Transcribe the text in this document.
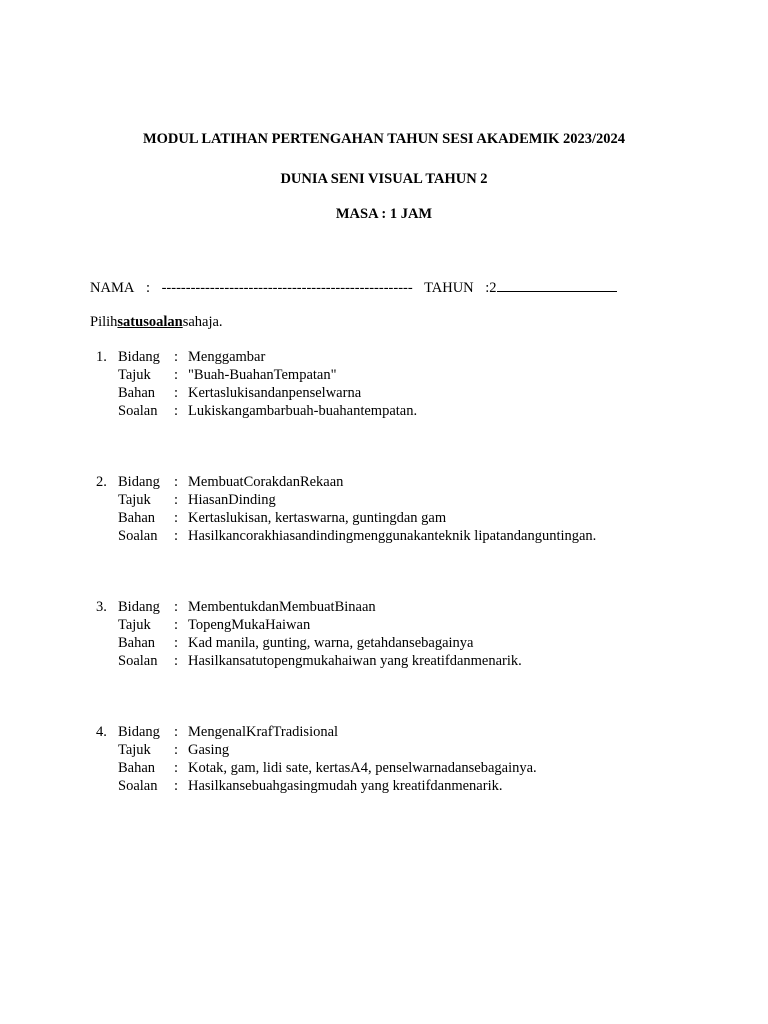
MODUL LATIHAN PERTENGAHAN TAHUN SESI AKADEMIK 2023/2024
DUNIA SENI VISUAL TAHUN 2
MASA : 1 JAM
NAMA : ---------------------------------------------------- TAHUN :2
Pilihsatusoalansahaja.
1. Bidang : Menggambar
Tajuk	: "Buah-BuahanTempatan"
Bahan	: Kertaslukisandanpenselwarna
Soalan	: Lukiskangambarbuah-buahantempatan.
2. Bidang : MembuatCorakdanRekaan
Tajuk	: HiasanDinding
Bahan	: Kertaslukisan, kertaswarna, guntingdan gam
Soalan	: Hasilkancorakhiasandindingmenggunakanteknik lipatandanguntingan.
3. Bidang : MembentukdanMembuatBinaan
Tajuk	: TopengMukaHaiwan
Bahan	: Kad manila, gunting, warna, getahdansebagainya
Soalan	: Hasilkansatutopengmukahaiwan yang kreatifdanmenarik.
4. Bidang : MengenalKrafTradisional
Tajuk	: Gasing
Bahan	: Kotak, gam, lidi sate, kertasA4, penselwarnadansebagainya.
Soalan	: Hasilkansebuahgasingmudah yang kreatifdanmenarik.
